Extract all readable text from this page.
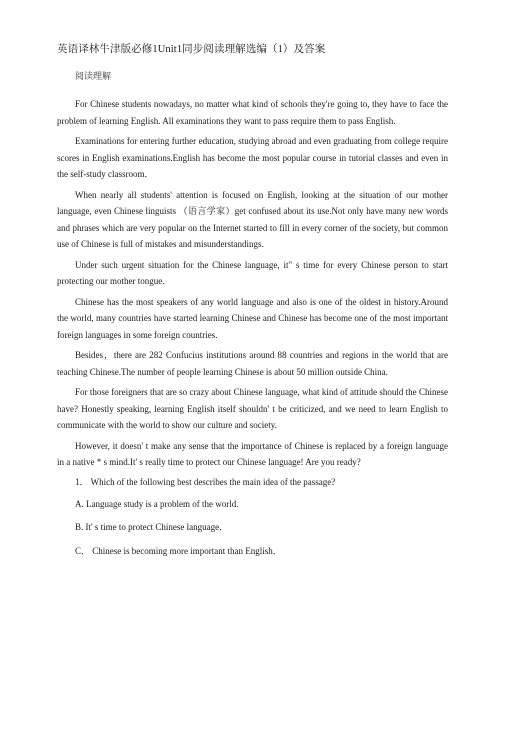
英语译林牛津版必修1Unit1同步阅读理解选编（1）及答案
阅读理解

For Chinese students nowadays, no matter what kind of schools they're going to, they have to face the problem of learning English. All examinations they want to pass require them to pass English.

Examinations for entering further education, studying abroad and even graduating from college require scores in English examinations.English has become the most popular course in tutorial classes and even in the self-study classroom．

When nearly all students' attention is focused on English, looking at the situation of our mother language, even Chinese linguists （语言学家）get confused about its use.Not only have many new words and phrases which are very popular on the Internet started to fill in every corner of the society, but common use of Chinese is full of mistakes and misunderstandings.

Under such urgent situation for the Chinese language, it" s time for every Chinese person to start protecting our mother tongue．

Chinese has the most speakers of any world language and also is one of the oldest in history.Around the world, many countries have started learning Chinese and Chinese has become one of the most important foreign languages in some foreign countries.

Besides，there are 282 Confucius institutions around 88 countries and regions in the world that are teaching Chinese.The number of people learning Chinese is about 50 million outside China.

For those foreigners that are so crazy about Chinese language, what kind of attitude should the Chinese have? Honestly speaking, learning English itself shouldn' t be criticized, and we need to learn English to communicate with the world to show our culture and society.

However, it doesn' t make any sense that the importance of Chinese is replaced by a foreign language in a native * s mind.It' s really time to protect our Chinese language! Are you ready?

1． Which of the following best describes the main idea of the passage?
A. Language study is a problem of the world.
B. It' s time to protect Chinese language．
C． Chinese is becoming more important than English．
